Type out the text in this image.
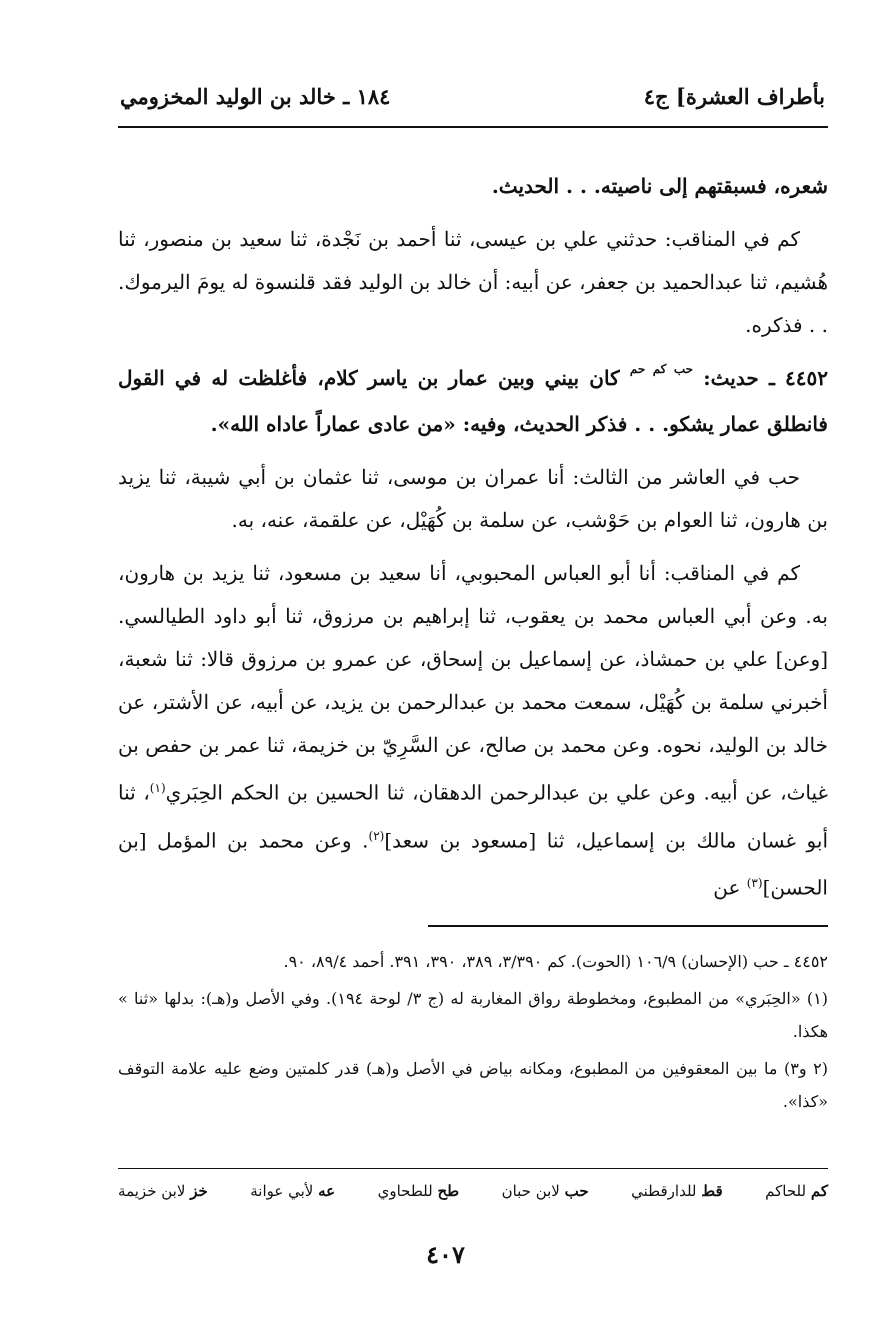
بأطراف العشرة] ج٤
١٨٤ ـ خالد بن الوليد المخزومي

شعره، فسبقتهم إلى ناصيته. . . الحديث.

كم في المناقب: حدثني علي بن عيسى، ثنا أحمد بن نَجْدة، ثنا سعيد بن منصور، ثنا هُشيم، ثنا عبدالحميد بن جعفر، عن أبيه: أن خالد بن الوليد فقد قلنسوة له يومَ اليرموك. . . فذكره.

٤٤٥٢ ـ حديث: $^{حب كم حم}$ كان بيني وبين عمار بن ياسر كلام، فأغلظت له في القول فانطلق عمار يشكو. . . فذكر الحديث، وفيه: «من عادى عماراً عاداه الله».

حب في العاشر من الثالث: أنا عمران بن موسى، ثنا عثمان بن أبي شيبة، ثنا يزيد بن هارون، ثنا العوام بن حَوْشب، عن سلمة بن كُهَيْل، عن علقمة، عنه، به.

كم في المناقب: أنا أبو العباس المحبوبي، أنا سعيد بن مسعود، ثنا يزيد بن هارون، به. وعن أبي العباس محمد بن يعقوب، ثنا إبراهيم بن مرزوق، ثنا أبو داود الطيالسي. [وعن] علي بن حمشاذ، عن إسماعيل بن إسحاق، عن عمرو بن مرزوق قالا: ثنا شعبة، أخبرني سلمة بن كُهَيْل، سمعت محمد بن عبدالرحمن بن يزيد، عن أبيه، عن الأشتر، عن خالد بن الوليد، نحوه. وعن محمد بن صالح، عن السَّرِيّ بن خزيمة، ثنا عمر بن حفص بن غياث، عن أبيه. وعن علي بن عبدالرحمن الدهقان، ثنا الحسين بن الحكم الحِبَري$^{(١)}$، ثنا أبو غسان مالك بن إسماعيل، ثنا [مسعود بن سعد]$^{(٢)}$. وعن محمد بن المؤمل [بن الحسن]$^{(٣)}$ عن

٤٤٥٢ ـ حب (الإحسان) ١٠٦/٩ (الحوت). كم ٣/٣٩٠، ٣٨٩، ٣٩٠، ٣٩١. أحمد ٨٩/٤، ٩٠.

(١) «الحِبَري» من المطبوع، ومخطوطة رواق المغاربة له (ج ٣/ لوحة ١٩٤). وفي الأصل و(هـ): بدلها «ثنا » هكذا.

(٢ و٣) ما بين المعقوفين من المطبوع، ومكانه بياض في الأصل و(هـ) قدر كلمتين وضع عليه علامة التوقف «كذا».

كم للحاكم
قط للدارقطني
حب لابن حبان
طح للطحاوي
عه لأبي عوانة
خز لابن خزيمة
٤٠٧
